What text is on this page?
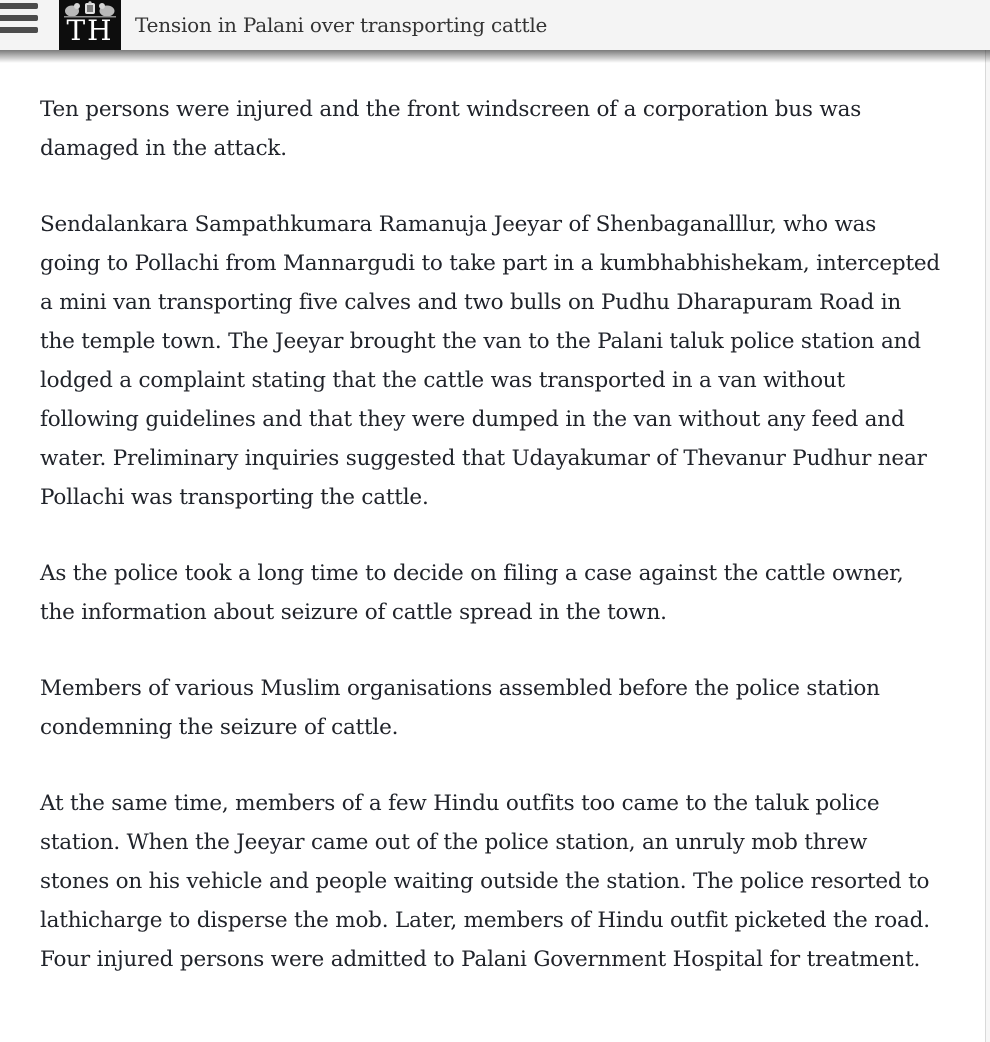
TH Tension in Palani over transporting cattle

Ten persons were injured and the front windscreen of a corporation bus was damaged in the attack.

Sendalankara Sampathkumara Ramanuja Jeeyar of Shenbaganalllur, who was going to Pollachi from Mannargudi to take part in a kumbhabhishekam, intercepted a mini van transporting five calves and two bulls on Pudhu Dharapuram Road in the temple town. The Jeeyar brought the van to the Palani taluk police station and lodged a complaint stating that the cattle was transported in a van without following guidelines and that they were dumped in the van without any feed and water. Preliminary inquiries suggested that Udayakumar of Thevanur Pudhur near Pollachi was transporting the cattle.

As the police took a long time to decide on filing a case against the cattle owner, the information about seizure of cattle spread in the town.

Members of various Muslim organisations assembled before the police station condemning the seizure of cattle.

At the same time, members of a few Hindu outfits too came to the taluk police station. When the Jeeyar came out of the police station, an unruly mob threw stones on his vehicle and people waiting outside the station. The police resorted to lathicharge to disperse the mob. Later, members of Hindu outfit picketed the road. Four injured persons were admitted to Palani Government Hospital for treatment.
